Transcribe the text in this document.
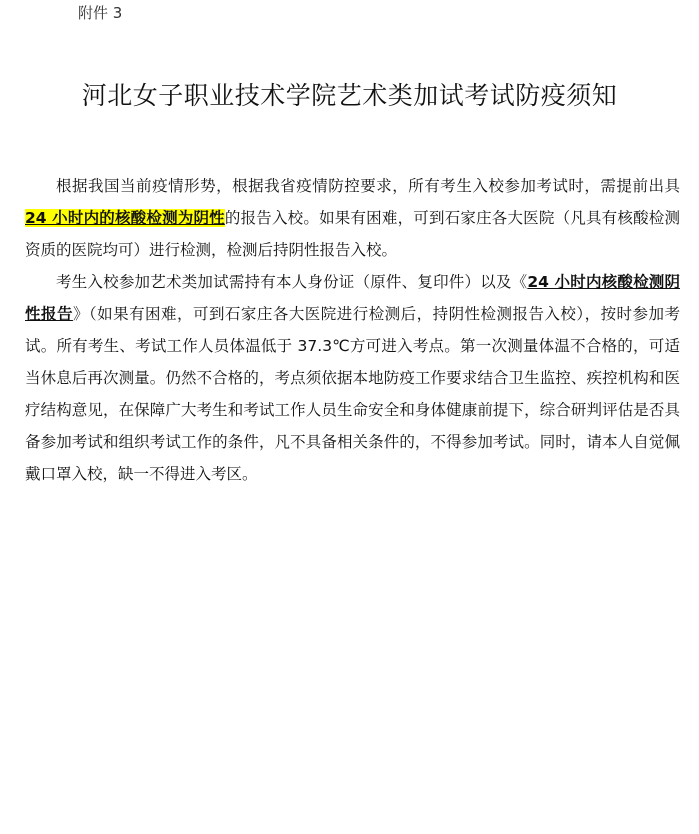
附件 3
河北女子职业技术学院艺术类加试考试防疫须知

根据我国当前疫情形势，根据我省疫情防控要求，所有考生入校参加考试时，需提前出具24 小时内的核酸检测为阴性的报告入校。如果有困难，可到石家庄各大医院（凡具有核酸检测资质的医院均可）进行检测，检测后持阴性报告入校。

考生入校参加艺术类加试需持有本人身份证（原件、复印件）以及《24 小时内核酸检测阴性报告》（如果有困难，可到石家庄各大医院进行检测后，持阴性检测报告入校），按时参加考试。所有考生、考试工作人员体温低于 37.3℃方可进入考点。第一次测量体温不合格的，可适当休息后再次测量。仍然不合格的，考点须依据本地防疫工作要求结合卫生监控、疾控机构和医疗结构意见，在保障广大考生和考试工作人员生命安全和身体健康前提下，综合研判评估是否具备参加考试和组织考试工作的条件，凡不具备相关条件的，不得参加考试。同时，请本人自觉佩戴口罩入校，缺一不得进入考区。
